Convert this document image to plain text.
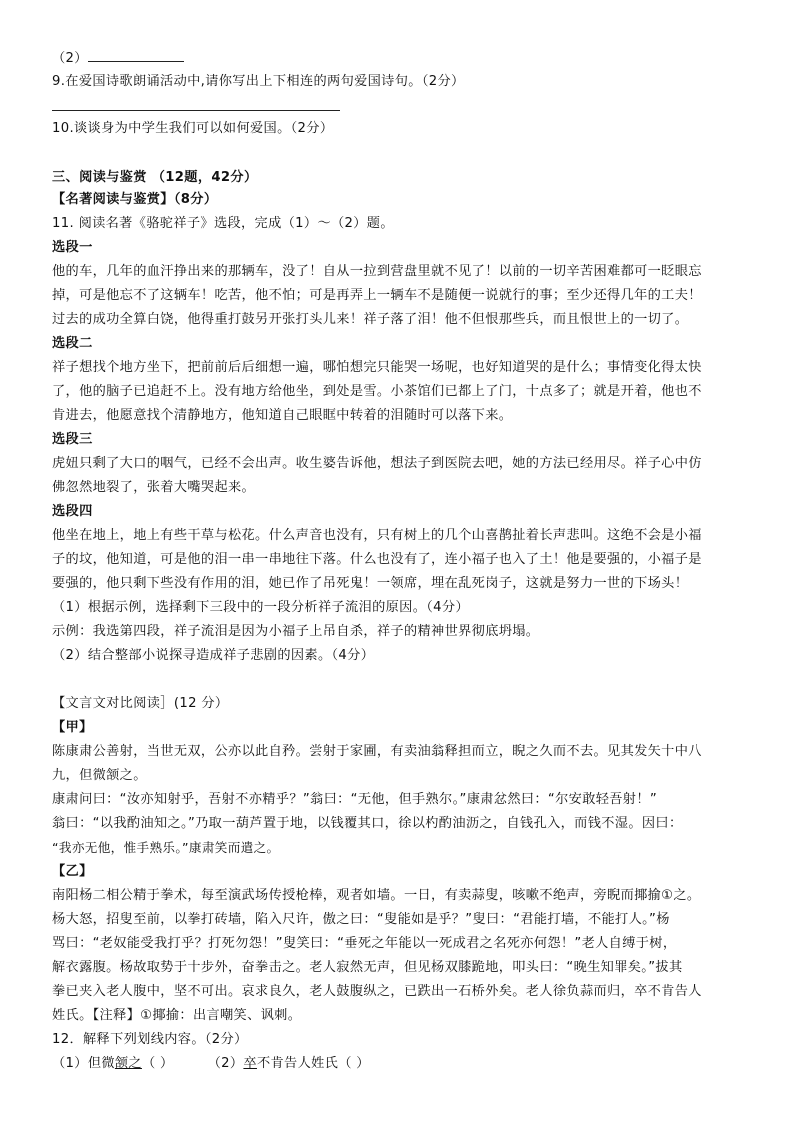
（2）
9.在爱国诗歌朗诵活动中,请你写出上下相连的两句爱国诗句。（2分）
10.谈谈身为中学生我们可以如何爱国。（2分）
三、阅读与鉴赏 （12题，42分）
【名著阅读与鉴赏】（8分）
11. 阅读名著《骆驼祥子》选段，完成（1）～（2）题。
选段一
他的车，几年的血汗挣出来的那辆车，没了！自从一拉到营盘里就不见了！以前的一切辛苦困难都可一眨眼忘
掉，可是他忘不了这辆车！吃苦，他不怕；可是再弄上一辆车不是随便一说就行的事；至少还得几年的工夫！
过去的成功全算白饶，他得重打鼓另开张打头儿来！祥子落了泪！他不但恨那些兵，而且恨世上的一切了。
选段二
祥子想找个地方坐下，把前前后后细想一遍，哪怕想完只能哭一场呢，也好知道哭的是什么；事情变化得太快
了，他的脑子已追赶不上。没有地方给他坐，到处是雪。小茶馆们已都上了门，十点多了；就是开着，他也不
肯进去，他愿意找个清静地方，他知道自己眼眶中转着的泪随时可以落下来。
选段三
虎妞只剩了大口的咽气，已经不会出声。收生婆告诉他，想法子到医院去吧，她的方法已经用尽。祥子心中仿
佛忽然地裂了，张着大嘴哭起来。
选段四
他坐在地上，地上有些干草与松花。什么声音也没有，只有树上的几个山喜鹊扯着长声悲叫。这绝不会是小福
子的坟，他知道，可是他的泪一串一串地往下落。什么也没有了，连小福子也入了土！他是要强的，小福子是
要强的，他只剩下些没有作用的泪，她已作了吊死鬼！一领席，埋在乱死岗子，这就是努力一世的下场头！
（1）根据示例，选择剩下三段中的一段分析祥子流泪的原因。（4分）
示例：我选第四段，祥子流泪是因为小福子上吊自杀，祥子的精神世界彻底坍塌。
（2）结合整部小说探寻造成祥子悲剧的因素。（4分）
【文言文对比阅读］(12 分）
【甲】
陈康肃公善射，当世无双，公亦以此自矜。尝射于家圃，有卖油翁释担而立，睨之久而不去。见其发矢十中八
九，但微颔之。
康肃问曰：“汝亦知射乎，吾射不亦精乎？”翁曰：“无他，但手熟尔。”康肃忿然曰：“尔安敢轻吾射！”
翁曰：“以我酌油知之。”乃取一葫芦置于地，以钱覆其口，徐以杓酌油沥之，自钱孔入，而钱不湿。因曰：
“我亦无他，惟手熟乐。”康肃笑而遣之。
【乙】
南阳杨二相公精于拳术，每至演武场传授枪棒，观者如墙。一日，有卖蒜叟，咳嗽不绝声，旁睨而揶揄①之。
杨大怒，招叟至前，以拳打砖墙，陷入尺许，傲之曰：“叟能如是乎？”叟曰：“君能打墙，不能打人。”杨
骂曰：“老奴能受我打乎？打死勿怨！”叟笑曰：“垂死之年能以一死成君之名死亦何怨！”老人自缚于树，
解衣露腹。杨故取势于十步外，奋拳击之。老人寂然无声，但见杨双膝跪地，叩头曰：“晚生知罪矣。”拔其
拳已夹入老人腹中，坚不可出。哀求良久，老人鼓腹纵之，已跌出一石桥外矣。老人徐负蒜而归，卒不肯告人
姓氏。【注释】①揶揄：出言嘲笑、讽刺。
12．解释下列划线内容。（2分）
（1）但微颔之（ ）	（2）卒不肯告人姓氏（ ）
